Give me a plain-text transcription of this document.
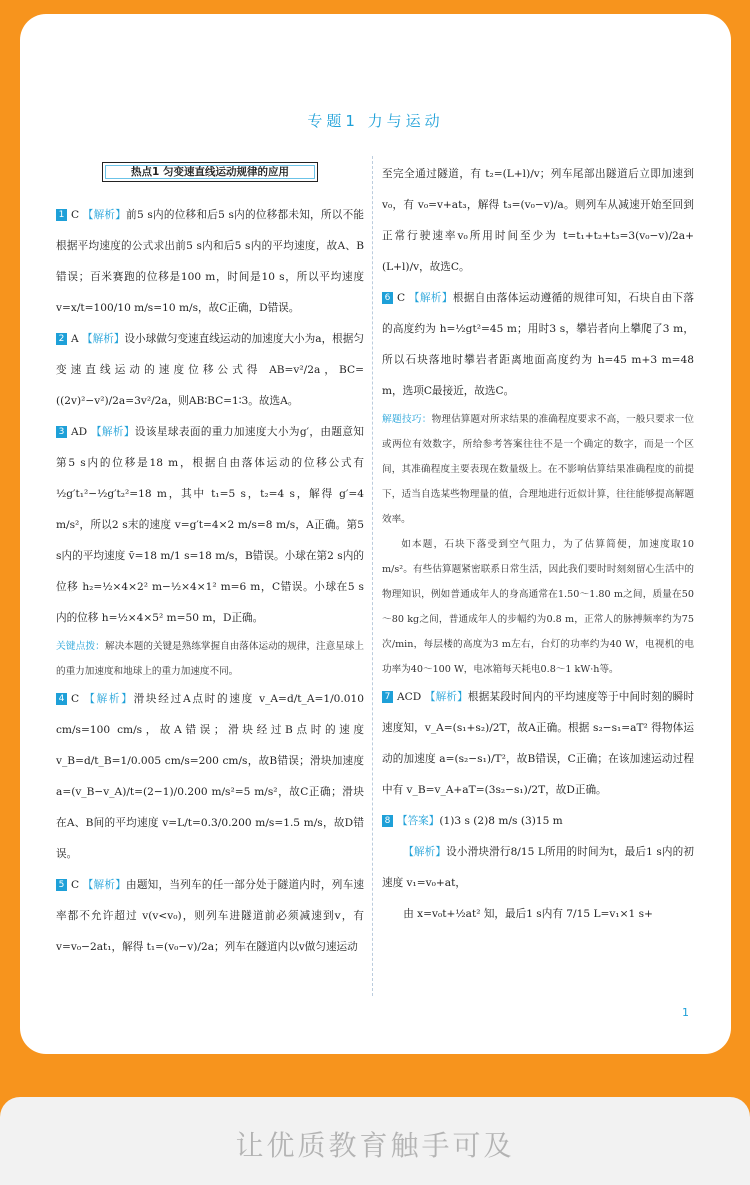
专题1 力与运动
热点1 匀变速直线运动规律的应用

1 C 【解析】前5 s内的位移和后5 s内的位移都未知，所以不能根据平均速度的公式求出前5 s内和后5 s内的平均速度，故A、B错误；百米赛跑的位移是100 m，时间是10 s，所以平均速度 v=x/t=100/10 m/s=10 m/s，故C正确，D错误。

2 A 【解析】设小球做匀变速直线运动的加速度大小为a，根据匀变速直线运动的速度位移公式得 AB=v²/2a，BC=((2v)²−v²)/2a=3v²/2a，则AB∶BC=1∶3。故选A。

3 AD 【解析】设该星球表面的重力加速度大小为g′，由题意知第5 s内的位移是18 m，根据自由落体运动的位移公式有 ½g′t₁²−½g′t₂²=18 m，其中 t₁=5 s，t₂=4 s，解得 g′=4 m/s²，所以2 s末的速度 v=g′t=4×2 m/s=8 m/s，A正确。第5 s内的平均速度 v̄=18 m/1 s=18 m/s，B错误。小球在第2 s内的位移 h₂=½×4×2² m−½×4×1² m=6 m，C错误。小球在5 s内的位移 h=½×4×5² m=50 m，D正确。

关键点拨：解决本题的关键是熟练掌握自由落体运动的规律，注意星球上的重力加速度和地球上的重力加速度不同。

4 C 【解析】滑块经过A点时的速度 v_A=d/t_A=1/0.010 cm/s=100 cm/s，故A错误；滑块经过B点时的速度 v_B=d/t_B=1/0.005 cm/s=200 cm/s，故B错误；滑块加速度 a=(v_B−v_A)/t=(2−1)/0.200 m/s²=5 m/s²，故C正确；滑块在A、B间的平均速度 v=L/t=0.3/0.200 m/s=1.5 m/s，故D错误。

5 C 【解析】由题知，当列车的任一部分处于隧道内时，列车速率都不允许超过 v(v<v₀)，则列车进隧道前必须减速到v，有 v=v₀−2at₁，解得 t₁=(v₀−v)/2a；列车在隧道内以v做匀速运动

至完全通过隧道，有 t₂=(L+l)/v；列车尾部出隧道后立即加速到v₀，有 v₀=v+at₃，解得 t₃=(v₀−v)/a。则列车从减速开始至回到正常行驶速率v₀所用时间至少为 t=t₁+t₂+t₃=3(v₀−v)/2a+(L+l)/v，故选C。

6 C 【解析】根据自由落体运动遵循的规律可知，石块自由下落的高度约为 h=½gt²=45 m；用时3 s，攀岩者向上攀爬了3 m，所以石块落地时攀岩者距离地面高度约为 h=45 m+3 m=48 m，选项C最接近，故选C。

解题技巧：物理估算题对所求结果的准确程度要求不高，一般只要求一位或两位有效数字，所给参考答案往往不是一个确定的数字，而是一个区间，其准确程度主要表现在数量级上。在不影响估算结果准确程度的前提下，适当自选某些物理量的值，合理地进行近似计算，往往能够提高解题效率。

如本题，石块下落受到空气阻力，为了估算简便，加速度取10 m/s²。有些估算题紧密联系日常生活，因此我们要时时刻刻留心生活中的物理知识，例如普通成年人的身高通常在1.50～1.80 m之间，质量在50～80 kg之间，普通成年人的步幅约为0.8 m，正常人的脉搏频率约为75次/min，每层楼的高度为3 m左右，台灯的功率约为40 W，电视机的电功率为40～100 W，电冰箱每天耗电0.8～1 kW·h等。

7 ACD 【解析】根据某段时间内的平均速度等于中间时刻的瞬时速度知，v_A=(s₁+s₂)/2T，故A正确。根据 s₂−s₁=aT² 得物体运动的加速度 a=(s₂−s₁)/T²，故B错误，C正确；在该加速运动过程中有 v_B=v_A+aT=(3s₂−s₁)/2T，故D正确。

8 【答案】(1)3 s (2)8 m/s (3)15 m

【解析】设小滑块滑行8/15 L所用的时间为t，最后1 s内的初速度 v₁=v₀+at，

由 x=v₀t+½at² 知，最后1 s内有 7/15 L=v₁×1 s+

1
让优质教育触手可及
